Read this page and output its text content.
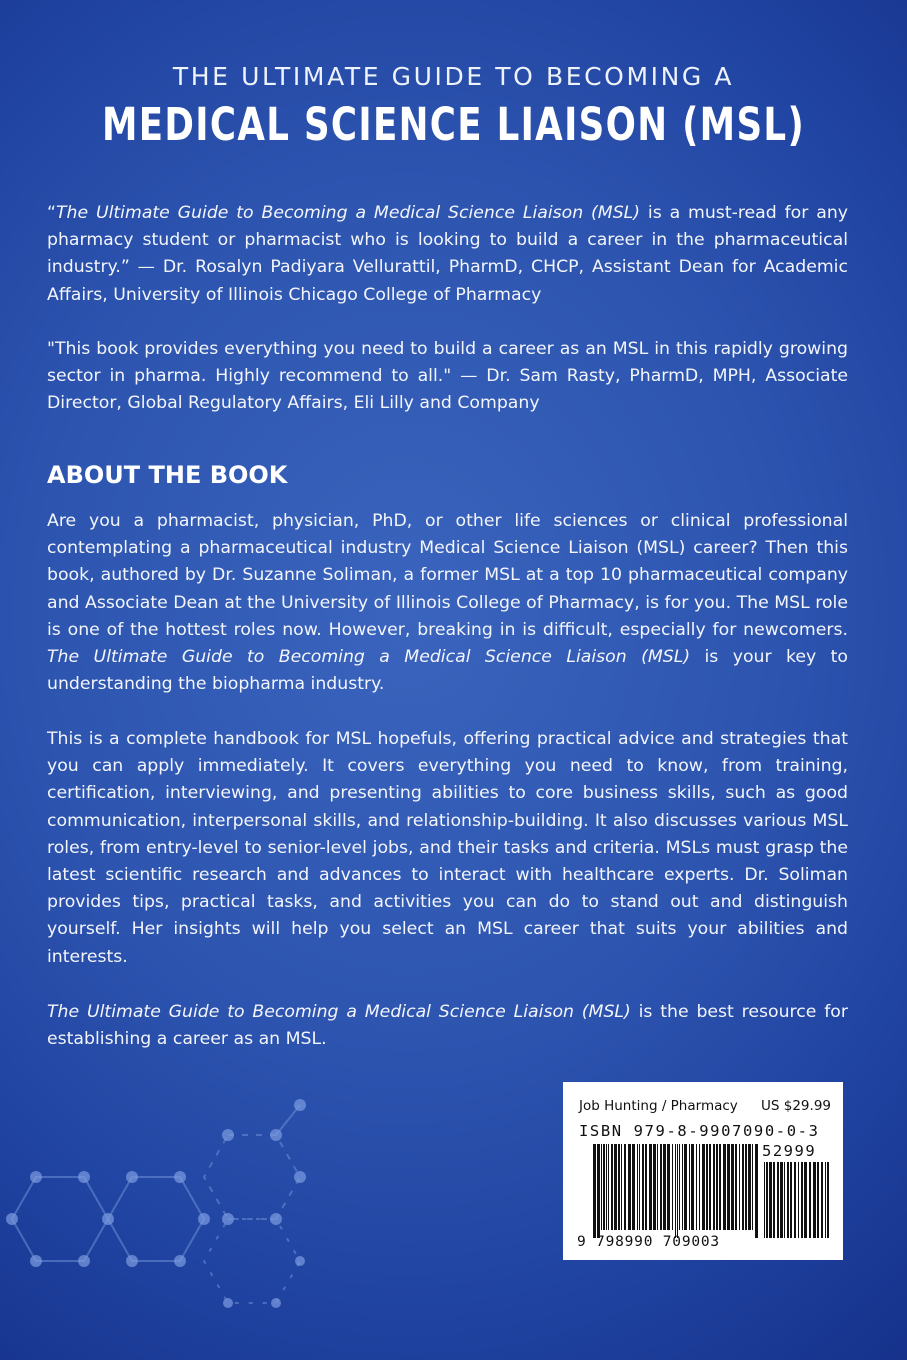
THE ULTIMATE GUIDE TO BECOMING A
MEDICAL SCIENCE LIAISON (MSL)
“The Ultimate Guide to Becoming a Medical Science Liaison (MSL) is a must-read for any pharmacy student or pharmacist who is looking to build a career in the pharmaceutical industry.” — Dr. Rosalyn Padiyara Vellurattil, PharmD, CHCP, Assistant Dean for Academic Affairs, University of Illinois Chicago College of Pharmacy
"This book provides everything you need to build a career as an MSL in this rapidly growing sector in pharma. Highly recommend to all." — Dr. Sam Rasty, PharmD, MPH, Associate Director, Global Regulatory Affairs, Eli Lilly and Company
ABOUT THE BOOK
Are you a pharmacist, physician, PhD, or other life sciences or clinical professional contemplating a pharmaceutical industry Medical Science Liaison (MSL) career? Then this book, authored by Dr. Suzanne Soliman, a former MSL at a top 10 pharmaceutical company and Associate Dean at the University of Illinois College of Pharmacy, is for you. The MSL role is one of the hottest roles now. However, breaking in is difficult, especially for newcomers. The Ultimate Guide to Becoming a Medical Science Liaison (MSL) is your key to understanding the biopharma industry.
This is a complete handbook for MSL hopefuls, offering practical advice and strategies that you can apply immediately. It covers everything you need to know, from training, certification, interviewing, and presenting abilities to core business skills, such as good communication, interpersonal skills, and relationship-building. It also discusses various MSL roles, from entry-level to senior-level jobs, and their tasks and criteria. MSLs must grasp the latest scientific research and advances to interact with healthcare experts. Dr. Soliman provides tips, practical tasks, and activities you can do to stand out and distinguish yourself. Her insights will help you select an MSL career that suits your abilities and interests.
The Ultimate Guide to Becoming a Medical Science Liaison (MSL) is the best resource for establishing a career as an MSL.
Job Hunting / Pharmacy US $29.99
ISBN 979-8-9907090-0-3
52999
9 798990 709003
